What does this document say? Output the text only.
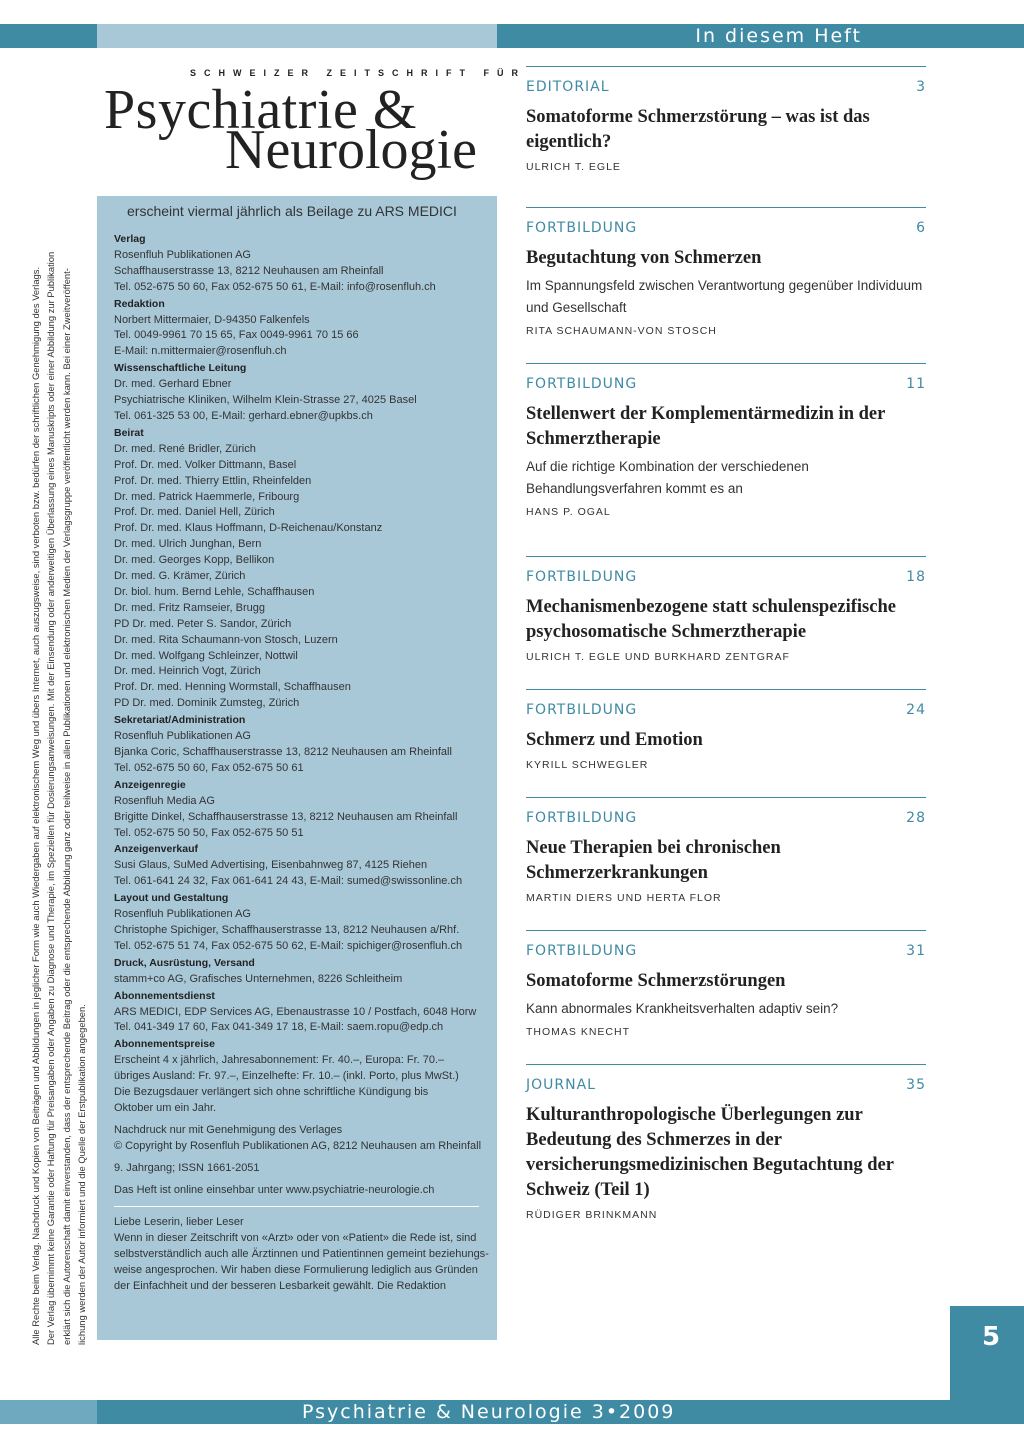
In diesem Heft
SCHWEIZER ZEITSCHRIFT FÜR
Psychiatrie &
Neurologie
erscheint viermal jährlich als Beilage zu ARS MEDICI
Verlag
Rosenfluh Publikationen AG
Schaffhauserstrasse 13, 8212 Neuhausen am Rheinfall
Tel. 052-675 50 60, Fax 052-675 50 61, E-Mail: info@rosenfluh.ch
Redaktion
Norbert Mittermaier, D-94350 Falkenfels
Tel. 0049-9961 70 15 65, Fax 0049-9961 70 15 66
E-Mail: n.mittermaier@rosenfluh.ch
Wissenschaftliche Leitung
Dr. med. Gerhard Ebner
Psychiatrische Kliniken, Wilhelm Klein-Strasse 27, 4025 Basel
Tel. 061-325 53 00, E-Mail: gerhard.ebner@upkbs.ch
Beirat
Dr. med. René Bridler, Zürich
Prof. Dr. med. Volker Dittmann, Basel
Prof. Dr. med. Thierry Ettlin, Rheinfelden
Dr. med. Patrick Haemmerle, Fribourg
Prof. Dr. med. Daniel Hell, Zürich
Prof. Dr. med. Klaus Hoffmann, D-Reichenau/Konstanz
Dr. med. Ulrich Junghan, Bern
Dr. med. Georges Kopp, Bellikon
Dr. med. G. Krämer, Zürich
Dr. biol. hum. Bernd Lehle, Schaffhausen
Dr. med. Fritz Ramseier, Brugg
PD Dr. med. Peter S. Sandor, Zürich
Dr. med. Rita Schaumann-von Stosch, Luzern
Dr. med. Wolfgang Schleinzer, Nottwil
Dr. med. Heinrich Vogt, Zürich
Prof. Dr. med. Henning Wormstall, Schaffhausen
PD Dr. med. Dominik Zumsteg, Zürich
Sekretariat/Administration
Rosenfluh Publikationen AG
Bjanka Coric, Schaffhauserstrasse 13, 8212 Neuhausen am Rheinfall
Tel. 052-675 50 60, Fax 052-675 50 61
Anzeigenregie
Rosenfluh Media AG
Brigitte Dinkel, Schaffhauserstrasse 13, 8212 Neuhausen am Rheinfall
Tel. 052-675 50 50, Fax 052-675 50 51
Anzeigenverkauf
Susi Glaus, SuMed Advertising, Eisenbahnweg 87, 4125 Riehen
Tel. 061-641 24 32, Fax 061-641 24 43, E-Mail: sumed@swissonline.ch
Layout und Gestaltung
Rosenfluh Publikationen AG
Christophe Spichiger, Schaffhauserstrasse 13, 8212 Neuhausen a/Rhf.
Tel. 052-675 51 74, Fax 052-675 50 62, E-Mail: spichiger@rosenfluh.ch
Druck, Ausrüstung, Versand
stamm+co AG, Grafisches Unternehmen, 8226 Schleitheim
Abonnementsdienst
ARS MEDICI, EDP Services AG, Ebenaustrasse 10 / Postfach, 6048 Horw
Tel. 041-349 17 60, Fax 041-349 17 18, E-Mail: saem.ropu@edp.ch
Abonnementspreise
Erscheint 4 x jährlich, Jahresabonnement: Fr. 40.–, Europa: Fr. 70.–
übriges Ausland: Fr. 97.–, Einzelhefte: Fr. 10.– (inkl. Porto, plus MwSt.)
Die Bezugsdauer verlängert sich ohne schriftliche Kündigung bis
Oktober um ein Jahr.
Nachdruck nur mit Genehmigung des Verlages
© Copyright by Rosenfluh Publikationen AG, 8212 Neuhausen am Rheinfall
9. Jahrgang; ISSN 1661-2051
Das Heft ist online einsehbar unter www.psychiatrie-neurologie.ch
Liebe Leserin, lieber Leser
Wenn in dieser Zeitschrift von «Arzt» oder von «Patient» die Rede ist, sind
selbstverständlich auch alle Ärztinnen und Patientinnen gemeint beziehungs-
weise angesprochen. Wir haben diese Formulierung lediglich aus Gründen
der Einfachheit und der besseren Lesbarkeit gewählt. Die Redaktion
Alle Rechte beim Verlag. Nachdruck und Kopien von Beiträgen und Abbildungen in jeglicher Form wie auch Wiedergaben auf elektronischem Weg und übers Internet, auch auszugsweise, sind verboten bzw. bedürfen der schriftlichen Genehmigung des Verlags. Der Verlag übernimmt keine Garantie oder Haftung für Preisangaben oder Angaben zu Diagnose und Therapie, im Speziellen für Dosierungsanweisungen. Mit der Einsendung oder anderweitigen Überlassung eines Manuskripts oder einer Abbildung zur Publikation erklärt sich die Autorenschaft damit einverstanden, dass der entsprechende Beitrag oder die entsprechende Abbildung ganz oder teilweise in allen Publikationen und elektronischen Medien der Verlagsgruppe veröffentlicht werden kann. Bei einer Zweitveröffent- lichung werden der Autor informiert und die Quelle der Erstpublikation angegeben.
EDITORIAL	3
Somatoforme Schmerzstörung – was ist das eigentlich?
ULRICH T. EGLE
FORTBILDUNG	6
Begutachtung von Schmerzen
Im Spannungsfeld zwischen Verantwortung gegenüber Individuum und Gesellschaft
RITA SCHAUMANN-VON STOSCH
FORTBILDUNG	11
Stellenwert der Komplementärmedizin in der Schmerztherapie
Auf die richtige Kombination der verschiedenen Behandlungsverfahren kommt es an
HANS P. OGAL
FORTBILDUNG	18
Mechanismenbezogene statt schulenspezifische psychosomatische Schmerztherapie
ULRICH T. EGLE UND BURKHARD ZENTGRAF
FORTBILDUNG	24
Schmerz und Emotion
KYRILL SCHWEGLER
FORTBILDUNG	28
Neue Therapien bei chronischen Schmerzerkrankungen
MARTIN DIERS UND HERTA FLOR
FORTBILDUNG	31
Somatoforme Schmerzstörungen
Kann abnormales Krankheitsverhalten adaptiv sein?
THOMAS KNECHT
JOURNAL	35
Kulturanthropologische Überlegungen zur Bedeutung des Schmerzes in der versicherungsmedizinischen Begutachtung der Schweiz (Teil 1)
RÜDIGER BRINKMANN
5
Psychiatrie & Neurologie 3•2009
